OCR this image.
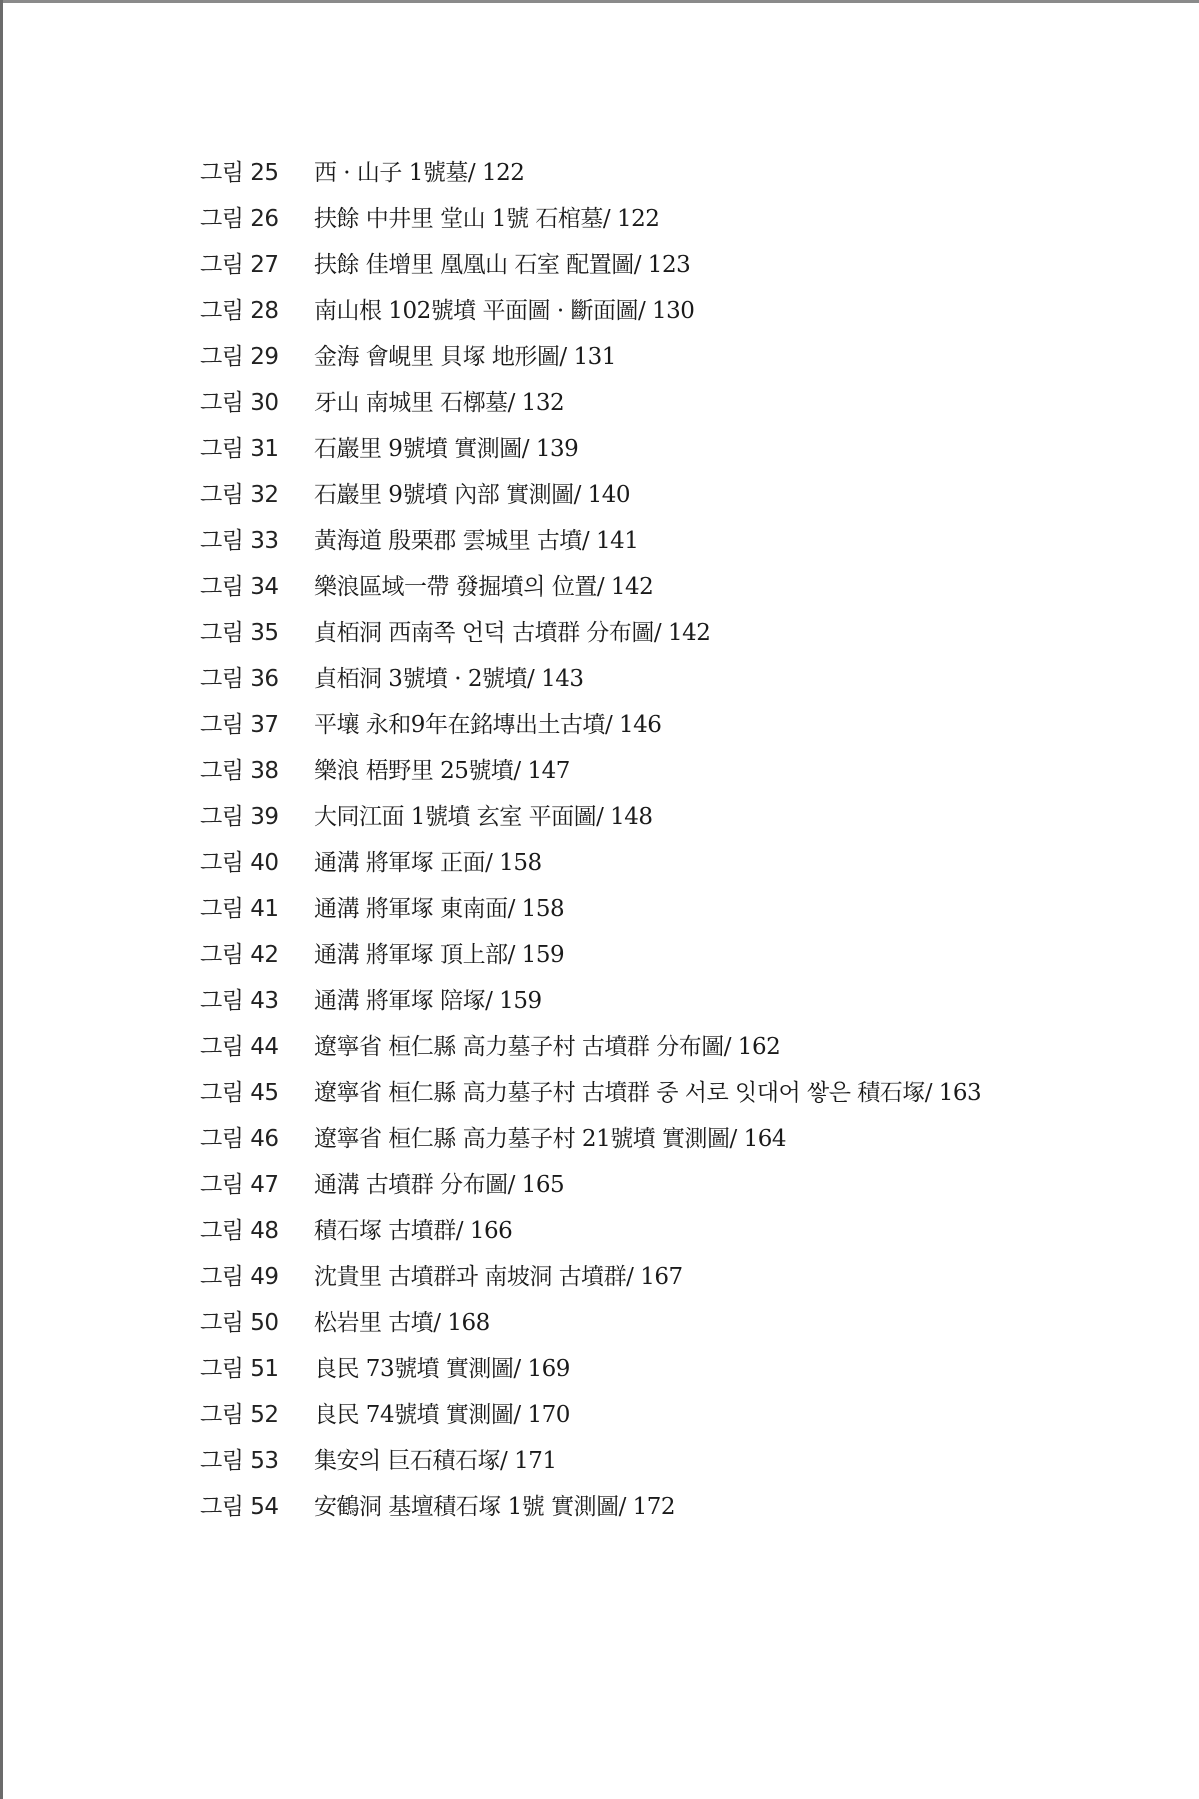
그림 25	西 · 山子 1號墓/ 122
그림 26	扶餘 中井里 堂山 1號 石棺墓/ 122
그림 27	扶餘 佳增里 凰凰山 石室 配置圖/ 123
그림 28	南山根 102號墳 平面圖 · 斷面圖/ 130
그림 29	金海 會峴里 貝塚 地形圖/ 131
그림 30	牙山 南城里 石槨墓/ 132
그림 31	石巖里 9號墳 實測圖/ 139
그림 32	石巖里 9號墳 內部 實測圖/ 140
그림 33	黃海道 殷栗郡 雲城里 古墳/ 141
그림 34	樂浪區域一帶 發掘墳의 位置/ 142
그림 35	貞栢洞 西南쪽 언덕 古墳群 分布圖/ 142
그림 36	貞栢洞 3號墳 · 2號墳/ 143
그림 37	平壤 永和9年在銘塼出土古墳/ 146
그림 38	樂浪 梧野里 25號墳/ 147
그림 39	大同江面 1號墳 玄室 平面圖/ 148
그림 40	通溝 將軍塚 正面/ 158
그림 41	通溝 將軍塚 東南面/ 158
그림 42	通溝 將軍塚 頂上部/ 159
그림 43	通溝 將軍塚 陪塚/ 159
그림 44	遼寧省 桓仁縣 高力墓子村 古墳群 分布圖/ 162
그림 45	遼寧省 桓仁縣 高力墓子村 古墳群 중 서로 잇대어 쌓은 積石塚/ 163
그림 46	遼寧省 桓仁縣 高力墓子村 21號墳 實測圖/ 164
그림 47	通溝 古墳群 分布圖/ 165
그림 48	積石塚 古墳群/ 166
그림 49	沈貴里 古墳群과 南坡洞 古墳群/ 167
그림 50	松岩里 古墳/ 168
그림 51	良民 73號墳 實測圖/ 169
그림 52	良民 74號墳 實測圖/ 170
그림 53	集安의 巨石積石塚/ 171
그림 54	安鶴洞 基壇積石塚 1號 實測圖/ 172
